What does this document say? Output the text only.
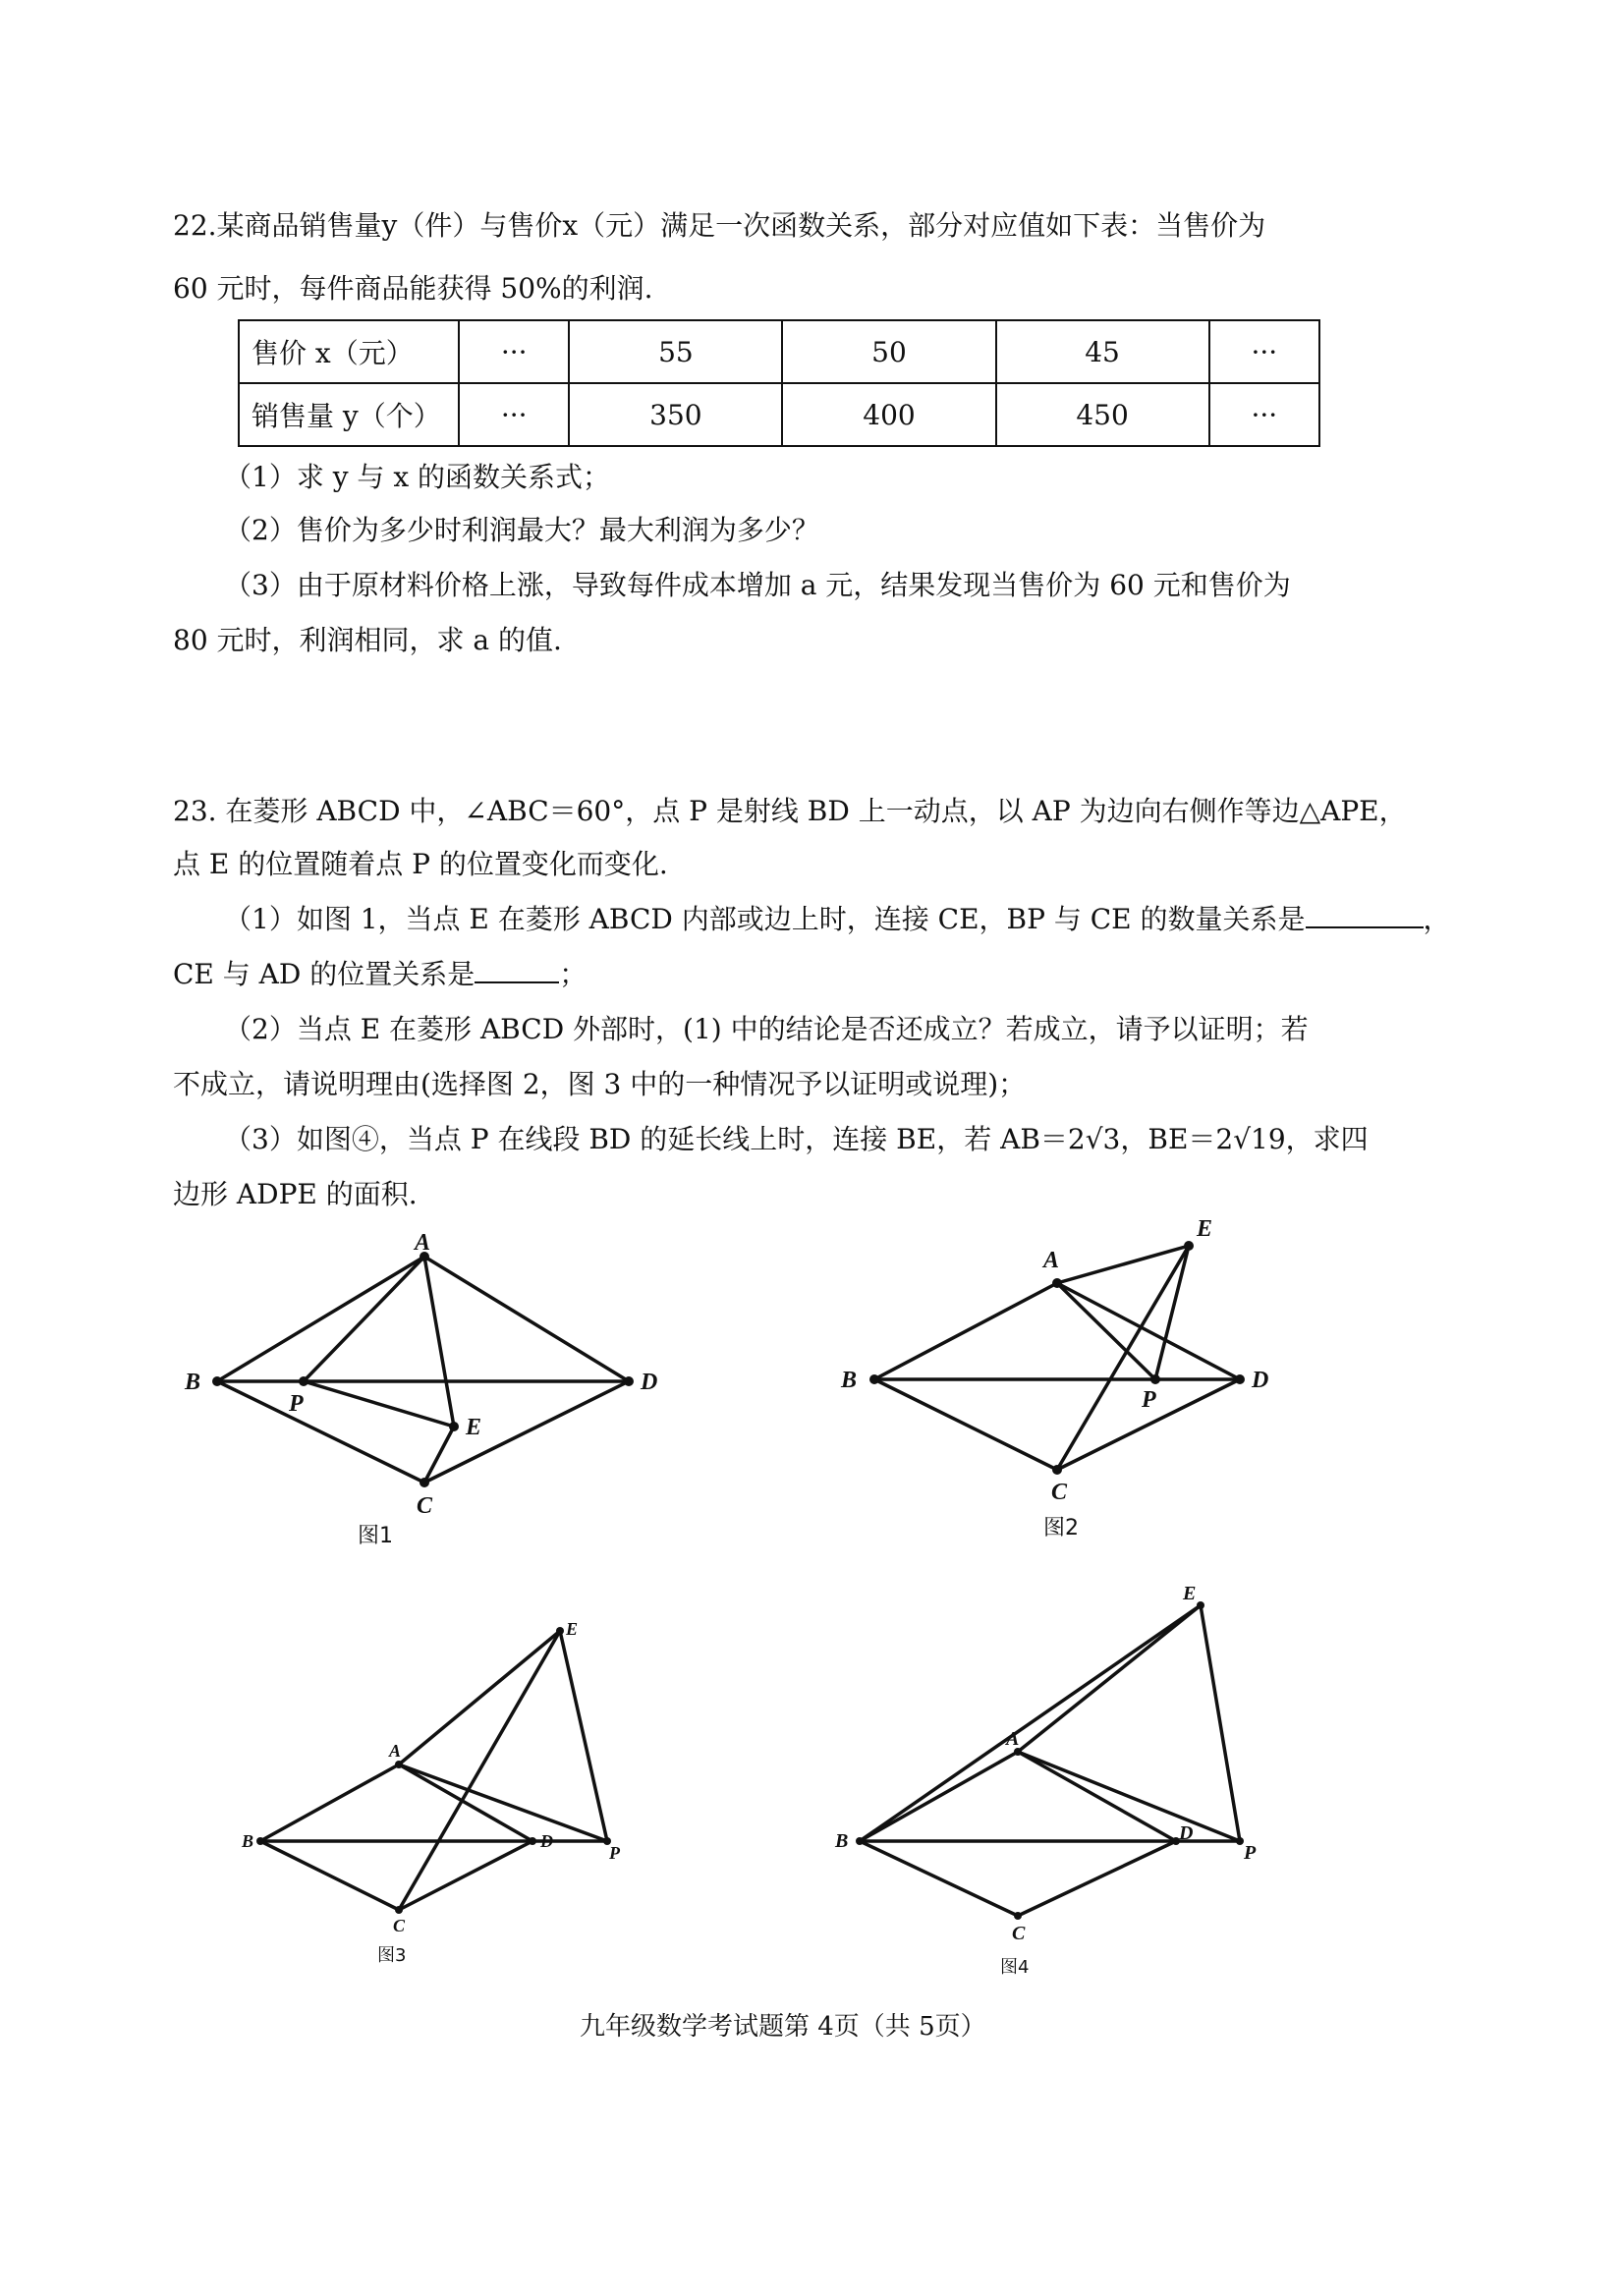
22.某商品销售量y（件）与售价x（元）满足一次函数关系，部分对应值如下表：当售价为
60 元时，每件商品能获得 50%的利润.
售价 x（元）	···	55	50	45	···
销售量 y（个）	···	350	400	450	···
（1）求 y 与 x 的函数关系式；
（2）售价为多少时利润最大？最大利润为多少？
（3）由于原材料价格上涨，导致每件成本增加 a 元，结果发现当售价为 60 元和售价为
80 元时，利润相同，求 a 的值.
23. 在菱形 ABCD 中，∠ABC＝60°，点 P 是射线 BD 上一动点，以 AP 为边向右侧作等边△APE，
点 E 的位置随着点 P 的位置变化而变化.
（1）如图 1，当点 E 在菱形 ABCD 内部或边上时，连接 CE，BP 与 CE 的数量关系是	，
CE 与 AD 的位置关系是	；
（2）当点 E 在菱形 ABCD 外部时，(1) 中的结论是否还成立？若成立，请予以证明；若
不成立，请说明理由(选择图 2，图 3 中的一种情况予以证明或说理)；
（3）如图④，当点 P 在线段 BD 的延长线上时，连接 BE，若 AB＝2√3，BE＝2√19，求四
边形 ADPE 的面积.
A
B
C
D
P
E
A
B
C
D
P
E
A
B
C
D
P
E
A
B
C
D
P
E
图1	图2
图3
图4
九年级数学考试题第 4页（共 5页）
